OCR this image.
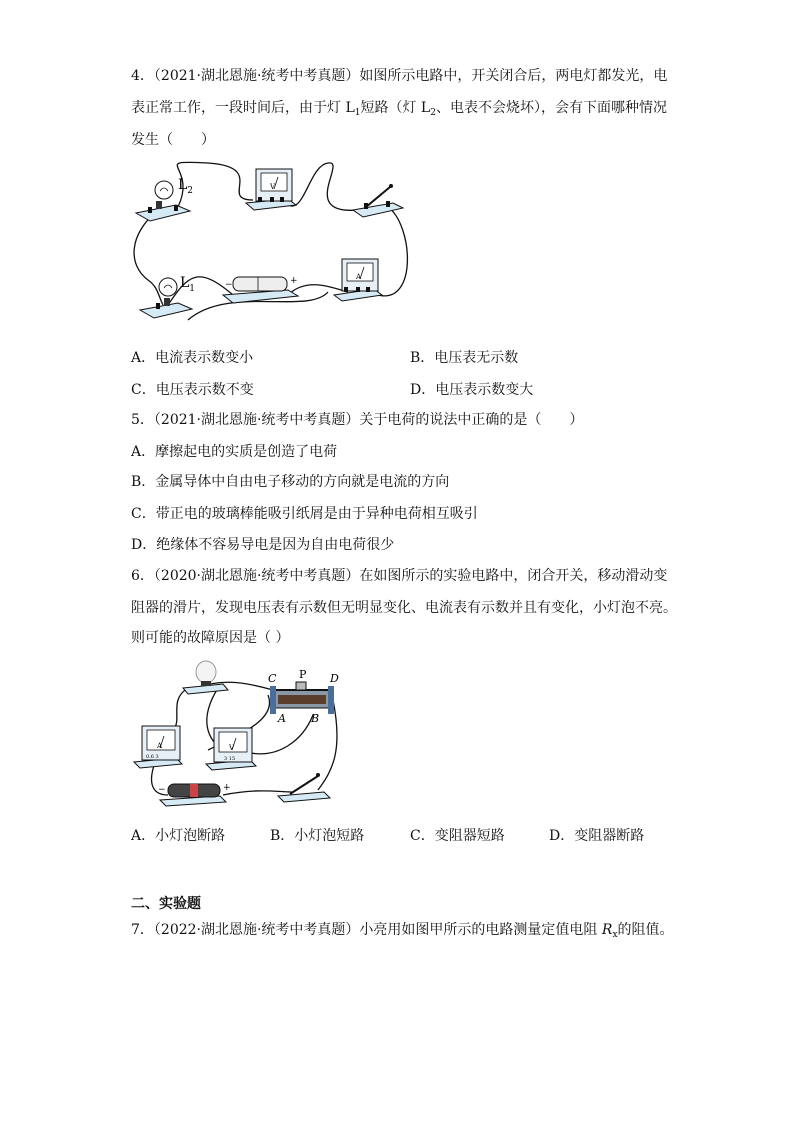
4．（2021·湖北恩施·统考中考真题）如图所示电路中，开关闭合后，两电灯都发光，电
表正常工作，一段时间后，由于灯 $L_1$短路（灯 $L_2$、电表不会烧坏），会有下面哪种情况
发生（　　）
$L_2$
$L_1$
V
−	+	A
A．电流表示数变小	B．电压表无示数
C．电压表示数不变	D．电压表示数变大
5．（2021·湖北恩施·统考中考真题）关于电荷的说法中正确的是（　　）
A．摩擦起电的实质是创造了电荷
B．金属导体中自由电子移动的方向就是电流的方向
C．带正电的玻璃棒能吸引纸屑是由于异种电荷相互吸引
D．绝缘体不容易导电是因为自由电荷很少
6．（2020·湖北恩施·统考中考真题）在如图所示的实验电路中，闭合开关，移动滑动变
阻器的滑片，发现电压表有示数但无明显变化、电流表有示数并且有变化，小灯泡不亮。
则可能的故障原因是（ ）
C P D
A B
A
0.6 3
V
3 15
−	+
A．小灯泡断路	B．小灯泡短路	C．变阻器短路	D．变阻器断路
二、实验题
7．（2022·湖北恩施·统考中考真题）小亮用如图甲所示的电路测量定值电阻 $R_x$的阻值。
